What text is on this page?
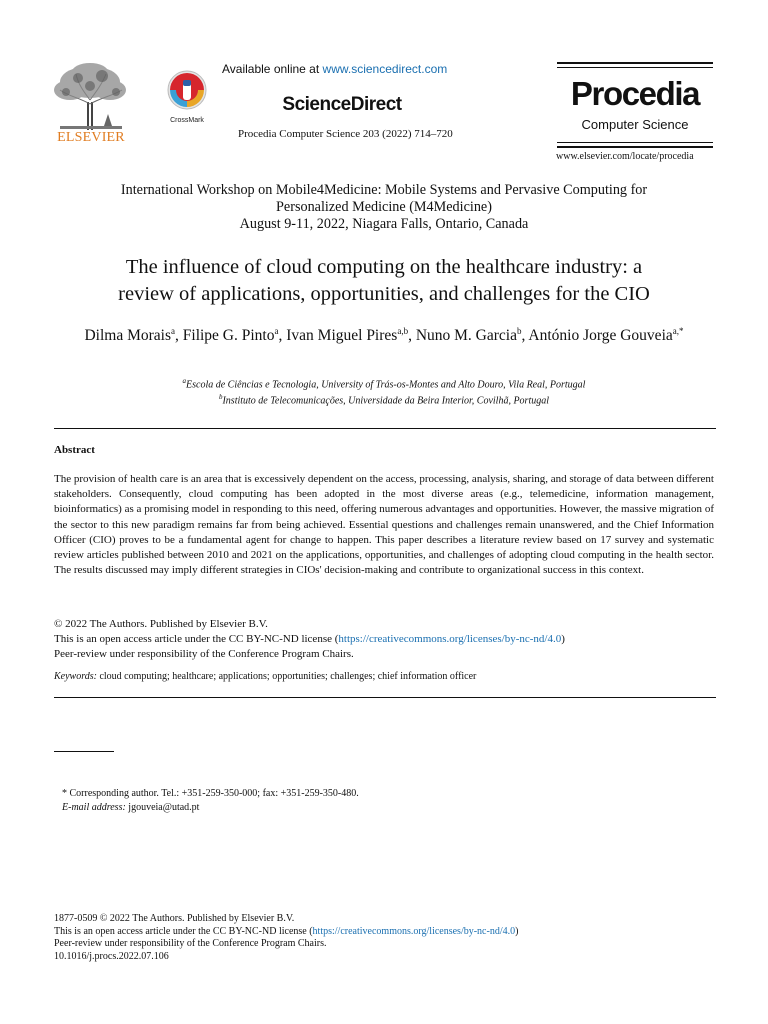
ELSEVIER
CrossMark
Available online at www.sciencedirect.com
ScienceDirect
Procedia Computer Science 203 (2022) 714–720
Procedia
Computer Science
www.elsevier.com/locate/procedia
International Workshop on Mobile4Medicine: Mobile Systems and Pervasive Computing for
Personalized Medicine (M4Medicine)
August 9-11, 2022, Niagara Falls, Ontario, Canada
The influence of cloud computing on the healthcare industry: a
review of applications, opportunities, and challenges for the CIO
Dilma Morais$^a$, Filipe G. Pinto$^a$, Ivan Miguel Pires$^{a,b}$, Nuno M. Garcia$^b$, António Jorge Gouveia$^{a,*}$
$^a$Escola de Ciências e Tecnologia, University of Trás-os-Montes and Alto Douro, Vila Real, Portugal
$^b$Instituto de Telecomunicações, Universidade da Beira Interior, Covilhã, Portugal
Abstract
The provision of health care is an area that is excessively dependent on the access, processing, analysis, sharing, and storage of data between different stakeholders. Consequently, cloud computing has been adopted in the most diverse areas (e.g., telemedicine, information management, bioinformatics) as a promising model in responding to this need, offering numerous advantages and opportunities. However, the massive migration of the sector to this new paradigm remains far from being achieved. Essential questions and challenges remain unanswered, and the Chief Information Officer (CIO) proves to be a fundamental agent for change to happen. This paper describes a literature review based on 17 survey and systematic review articles published between 2010 and 2021 on the applications, opportunities, and challenges of adopting cloud computing in the health sector. The results discussed may imply different strategies in CIOs' decision-making and contribute to organizational success in this context.
© 2022 The Authors. Published by Elsevier B.V.
This is an open access article under the CC BY-NC-ND license (https://creativecommons.org/licenses/by-nc-nd/4.0)
Peer-review under responsibility of the Conference Program Chairs.
Keywords: cloud computing; healthcare; applications; opportunities; challenges; chief information officer
* Corresponding author. Tel.: +351-259-350-000; fax: +351-259-350-480.
E-mail address: jgouveia@utad.pt
1877-0509 © 2022 The Authors. Published by Elsevier B.V.
This is an open access article under the CC BY-NC-ND license (https://creativecommons.org/licenses/by-nc-nd/4.0)
Peer-review under responsibility of the Conference Program Chairs.
10.1016/j.procs.2022.07.106
